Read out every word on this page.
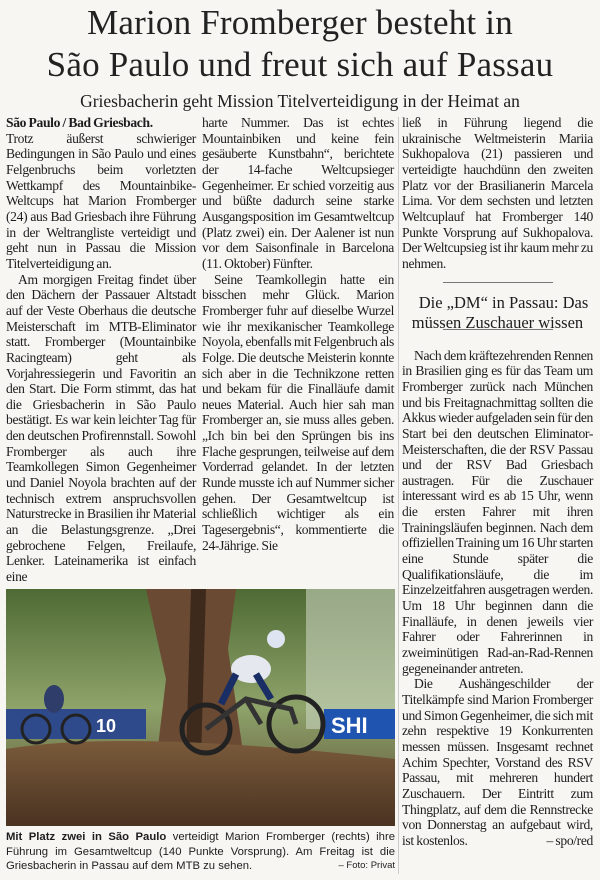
Marion Fromberger besteht in
São Paulo und freut sich auf Passau
Griesbacherin geht Mission Titelverteidigung in der Heimat an

São Paulo / Bad Griesbach.
Trotz äußerst schwieriger Bedingungen in São Paulo und eines Felgenbruchs beim vorletzten Wettkampf des Mountainbike-Weltcups hat Marion Fromberger (24) aus Bad Griesbach ihre Führung in der Weltrangliste verteidigt und geht nun in Passau die Mission Titelverteidigung an.

Am morgigen Freitag findet über den Dächern der Passauer Altstadt auf der Veste Oberhaus die deutsche Meisterschaft im MTB-Eliminator statt. Fromberger (Mountainbike Racingteam) geht als Vorjahressiegerin und Favoritin an den Start. Die Form stimmt, das hat die Griesbacherin in São Paulo bestätigt. Es war kein leichter Tag für den deutschen Profirennstall. Sowohl Fromberger als auch ihre Teamkollegen Simon Gegenheimer und Daniel Noyola brachten auf der technisch extrem anspruchsvollen Naturstrecke in Brasilien ihr Material an die Belastungsgrenze. „Drei gebrochene Felgen, Freilaufe, Lenker. Lateinamerika ist einfach eine

harte Nummer. Das ist echtes Mountainbiken und keine fein gesäuberte Kunstbahn“, berichtete der 14-fache Weltcupsieger Gegenheimer. Er schied vorzeitig aus und büßte dadurch seine starke Ausgangsposition im Gesamtweltcup (Platz zwei) ein. Der Aalener ist nun vor dem Saisonfinale in Barcelona (11. Oktober) Fünfter.

Seine Teamkollegin hatte ein bisschen mehr Glück. Marion Fromberger fuhr auf dieselbe Wurzel wie ihr mexikanischer Teamkollege Noyola, ebenfalls mit Felgenbruch als Folge. Die deutsche Meisterin konnte sich aber in die Technikzone retten und bekam für die Finalläufe damit neues Material. Auch hier sah man Fromberger an, sie muss alles geben. „Ich bin bei den Sprüngen bis ins Flache gesprungen, teilweise auf dem Vorderrad gelandet. In der letzten Runde musste ich auf Nummer sicher gehen. Der Gesamtweltcup ist schließlich wichtiger als ein Tagesergebnis“, kommentierte die 24-Jährige. Sie

ließ in Führung liegend die ukrainische Weltmeisterin Mariia Sukhopalova (21) passieren und verteidigte hauchdünn den zweiten Platz vor der Brasilianerin Marcela Lima. Vor dem sechsten und letzten Weltcuplauf hat Fromberger 140 Punkte Vorsprung auf Sukhopalova. Der Weltcupsieg ist ihr kaum mehr zu nehmen.

Die „DM“ in Passau: Das müssen Zuschauer wissen

Nach dem kräftezehrenden Rennen in Brasilien ging es für das Team um Fromberger zurück nach München und bis Freitagnachmittag sollten die Akkus wieder aufgeladen sein für den Start bei den deutschen Eliminator-Meisterschaften, die der RSV Passau und der RSV Bad Griesbach austragen. Für die Zuschauer interessant wird es ab 15 Uhr, wenn die ersten Fahrer mit ihren Trainingsläufen beginnen. Nach dem offiziellen Training um 16 Uhr starten eine Stunde später die Qualifikationsläufe, die im Einzelzeitfahren ausgetragen werden. Um 18 Uhr beginnen dann die Finalläufe, in denen jeweils vier Fahrer oder Fahrerinnen in zweiminütigen Rad-an-Rad-Rennen gegeneinander antreten.

Die Aushängeschilder der Titelkämpfe sind Marion Fromberger und Simon Gegenheimer, die sich mit zehn respektive 19 Konkurrenten messen müssen. Insgesamt rechnet Achim Spechter, Vorstand des RSV Passau, mit mehreren hundert Zuschauern. Der Eintritt zum Thingplatz, auf dem die Rennstrecke von Donnerstag an aufgebaut wird, ist kostenlos.	– spo/red

10	SHI
Mit Platz zwei in São Paulo verteidigt Marion Fromberger (rechts) ihre Führung im Gesamtweltcup (140 Punkte Vorsprung). Am Freitag ist die Griesbacherin in Passau auf dem MTB zu sehen.	– Foto: Privat
